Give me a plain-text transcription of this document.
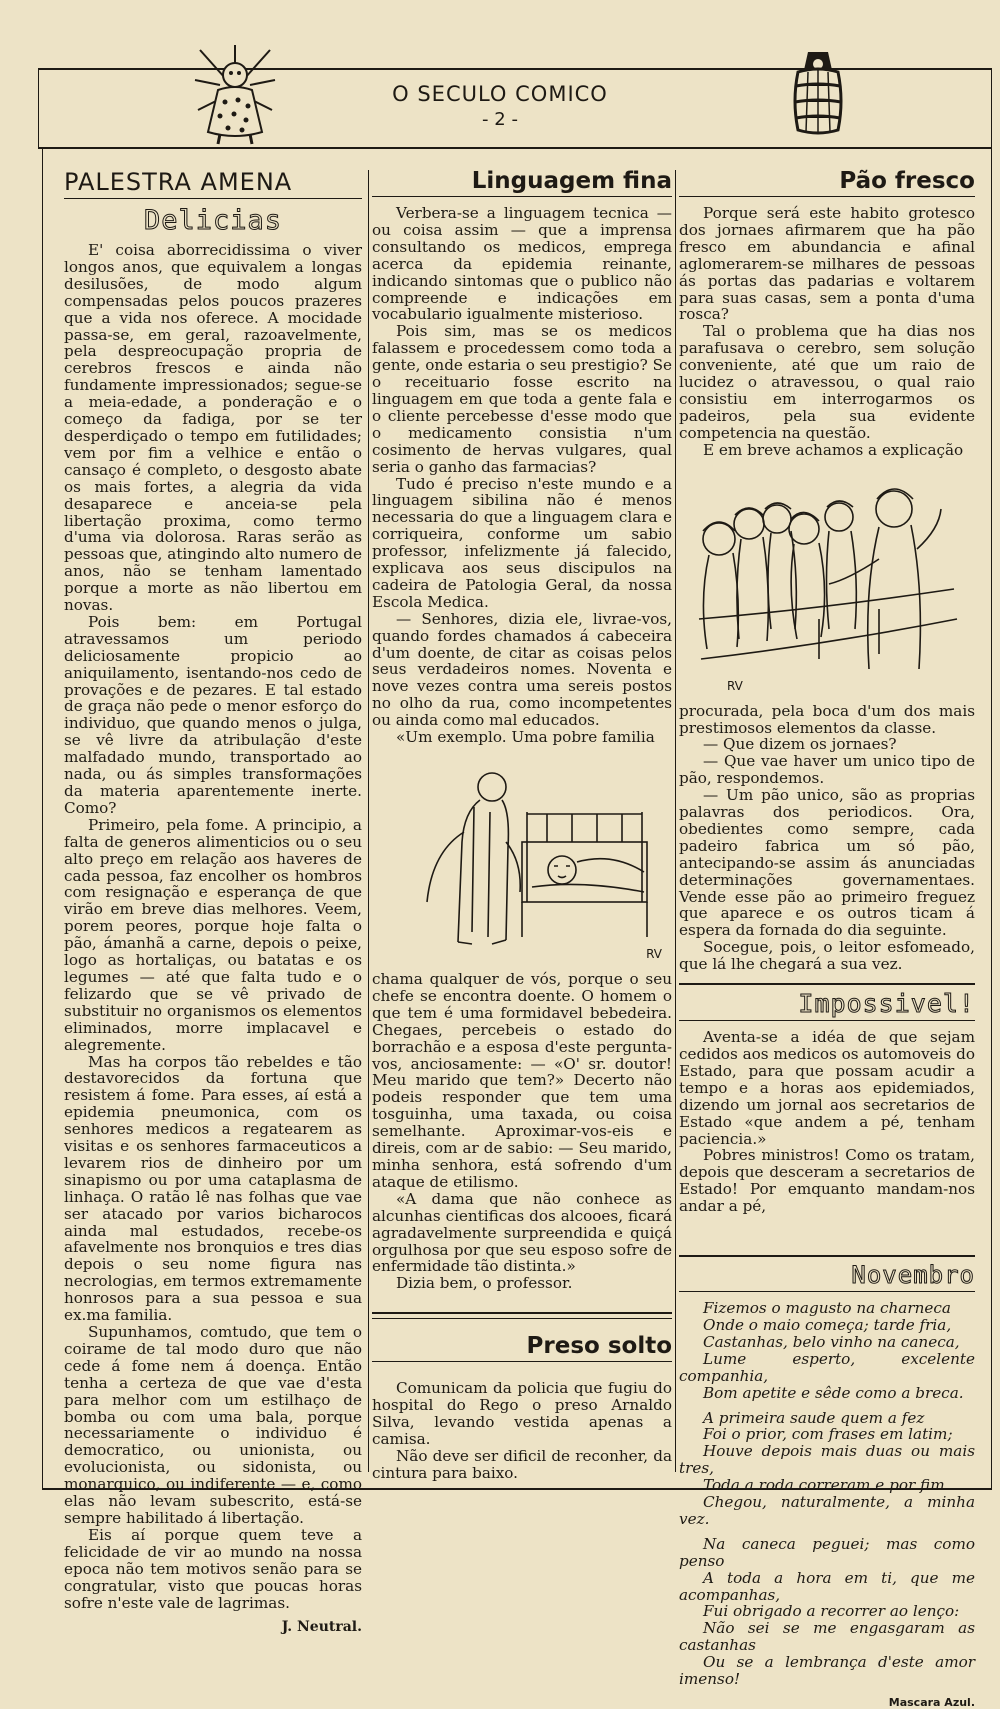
O SECULO COMICO
- 2 -
PALESTRA AMENA
Delicias

E' coisa aborrecidissima o viver longos anos, que equivalem a longas desilusões, de modo algum compensadas pelos poucos prazeres que a vida nos oferece. A mocidade passa-se, em geral, razoavelmente, pela despreocupação propria de cerebros frescos e ainda não fundamente impressionados; segue-se a meia-edade, a ponderação e o começo da fadiga, por se ter desperdiçado o tempo em futilidades; vem por fim a velhice e então o cansaço é completo, o desgosto abate os mais fortes, a alegria da vida desaparece e anceia-se pela libertação proxima, como termo d'uma via dolorosa. Raras serão as pessoas que, atingindo alto numero de anos, não se tenham lamentado porque a morte as não libertou em novas.

Pois bem: em Portugal atravessamos um periodo deliciosamente propicio ao aniquilamento, isentando-nos cedo de provações e de pezares. E tal estado de graça não pede o menor esforço do individuo, que quando menos o julga, se vê livre da atribulação d'este malfadado mundo, transportado ao nada, ou ás simples transformações da materia aparentemente inerte. Como?

Primeiro, pela fome. A principio, a falta de generos alimenticios ou o seu alto preço em relação aos haveres de cada pessoa, faz encolher os hombros com resignação e esperança de que virão em breve dias melhores. Veem, porem peores, porque hoje falta o pão, ámanhã a carne, depois o peixe, logo as hortaliças, ou batatas e os legumes — até que falta tudo e o felizardo que se vê privado de substituir no organismos os elementos eliminados, morre implacavel e alegremente.

Mas ha corpos tão rebeldes e tão destavorecidos da fortuna que resistem á fome. Para esses, aí está a epidemia pneumonica, com os senhores medicos a regatearem as visitas e os senhores farmaceuticos a levarem rios de dinheiro por um sinapismo ou por uma cataplasma de linhaça. O ratão lê nas folhas que vae ser atacado por varios bicharocos ainda mal estudados, recebe-os afavelmente nos bronquios e tres dias depois o seu nome figura nas necrologias, em termos extremamente honrosos para a sua pessoa e sua ex.ma familia.

Supunhamos, comtudo, que tem o coirame de tal modo duro que não cede á fome nem á doença. Então tenha a certeza de que vae d'esta para melhor com um estilhaço de bomba ou com uma bala, porque necessariamente o individuo é democratico, ou unionista, ou evolucionista, ou sidonista, ou monarquico, ou indiferente — e, como elas não levam subescrito, está-se sempre habilitado á libertação.

Eis aí porque quem teve a felicidade de vir ao mundo na nossa epoca não tem motivos senão para se congratular, visto que poucas horas sofre n'este vale de lagrimas.

J. Neutral.
Linguagem fina

Verbera-se a linguagem tecnica — ou coisa assim — que a imprensa consultando os medicos, emprega acerca da epidemia reinante, indicando sintomas que o publico não compreende e indicações em vocabulario igualmente misterioso.

Pois sim, mas se os medicos falassem e procedessem como toda a gente, onde estaria o seu prestigio? Se o receituario fosse escrito na linguagem em que toda a gente fala e o cliente percebesse d'esse modo que o medicamento consistia n'um cosimento de hervas vulgares, qual seria o ganho das farmacias?

Tudo é preciso n'este mundo e a linguagem sibilina não é menos necessaria do que a linguagem clara e corriqueira, conforme um sabio professor, infelizmente já falecido, explicava aos seus discipulos na cadeira de Patologia Geral, da nossa Escola Medica.

— Senhores, dizia ele, livrae-vos, quando fordes chamados á cabeceira d'um doente, de citar as coisas pelos seus verdadeiros nomes. Noventa e nove vezes contra uma sereis postos no olho da rua, como incompetentes ou ainda como mal educados.

«Um exemplo. Uma pobre familia

RV

chama qualquer de vós, porque o seu chefe se encontra doente. O homem o que tem é uma formidavel bebedeira. Chegaes, percebeis o estado do borrachão e a esposa d'este pergunta-vos, anciosamente: — «O' sr. doutor! Meu marido que tem?» Decerto não podeis responder que tem uma tosguinha, uma taxada, ou coisa semelhante. Aproximar-vos-eis e direis, com ar de sabio: — Seu marido, minha senhora, está sofrendo d'um ataque de etilismo.

«A dama que não conhece as alcunhas cientificas dos alcooes, ficará agradavelmente surpreendida e quiçá orgulhosa por que seu esposo sofre de enfermidade tão distinta.»

Dizia bem, o professor.

Preso solto

Comunicam da policia que fugiu do hospital do Rego o preso Arnaldo Silva, levando vestida apenas a camisa.

Não deve ser dificil de reconher, da cintura para baixo.

Pão fresco

Porque será este habito grotesco dos jornaes afirmarem que ha pão fresco em abundancia e afinal aglomerarem-se milhares de pessoas ás portas das padarias e voltarem para suas casas, sem a ponta d'uma rosca?

Tal o problema que ha dias nos parafusava o cerebro, sem solução conveniente, até que um raio de lucidez o atravessou, o qual raio consistiu em interrogarmos os padeiros, pela sua evidente competencia na questão.

E em breve achamos a explicação

RV

procurada, pela boca d'um dos mais prestimosos elementos da classe.

— Que dizem os jornaes?

— Que vae haver um unico tipo de pão, respondemos.

— Um pão unico, são as proprias palavras dos periodicos. Ora, obedientes como sempre, cada padeiro fabrica um só pão, antecipando-se assim ás anunciadas determinações governamentaes. Vende esse pão ao primeiro freguez que aparece e os outros ticam á espera da fornada do dia seguinte.

Socegue, pois, o leitor esfomeado, que lá lhe chegará a sua vez.

Impossivel!

Aventa-se a idéa de que sejam cedidos aos medicos os automoveis do Estado, para que possam acudir a tempo e a horas aos epidemiados, dizendo um jornal aos secretarios de Estado «que andem a pé, tenham paciencia.»

Pobres ministros! Como os tratam, depois que desceram a secretarios de Estado! Por emquanto mandam-nos andar a pé,

Novembro

Fizemos o magusto na charneca

Onde o maio começa; tarde fria,

Castanhas, belo vinho na caneca,

Lume esperto, excelente companhia,

Bom apetite e sêde como a breca.

A primeira saude quem a fez

Foi o prior, com frases em latim;

Houve depois mais duas ou mais tres,

Toda a roda correram e por fim

Chegou, naturalmente, a minha vez.

Na caneca peguei; mas como penso

A toda a hora em ti, que me acompanhas,

Fui obrigado a recorrer ao lenço:

Não sei se me engasgaram as castanhas

Ou se a lembrança d'este amor imenso!

Mascara Azul.
